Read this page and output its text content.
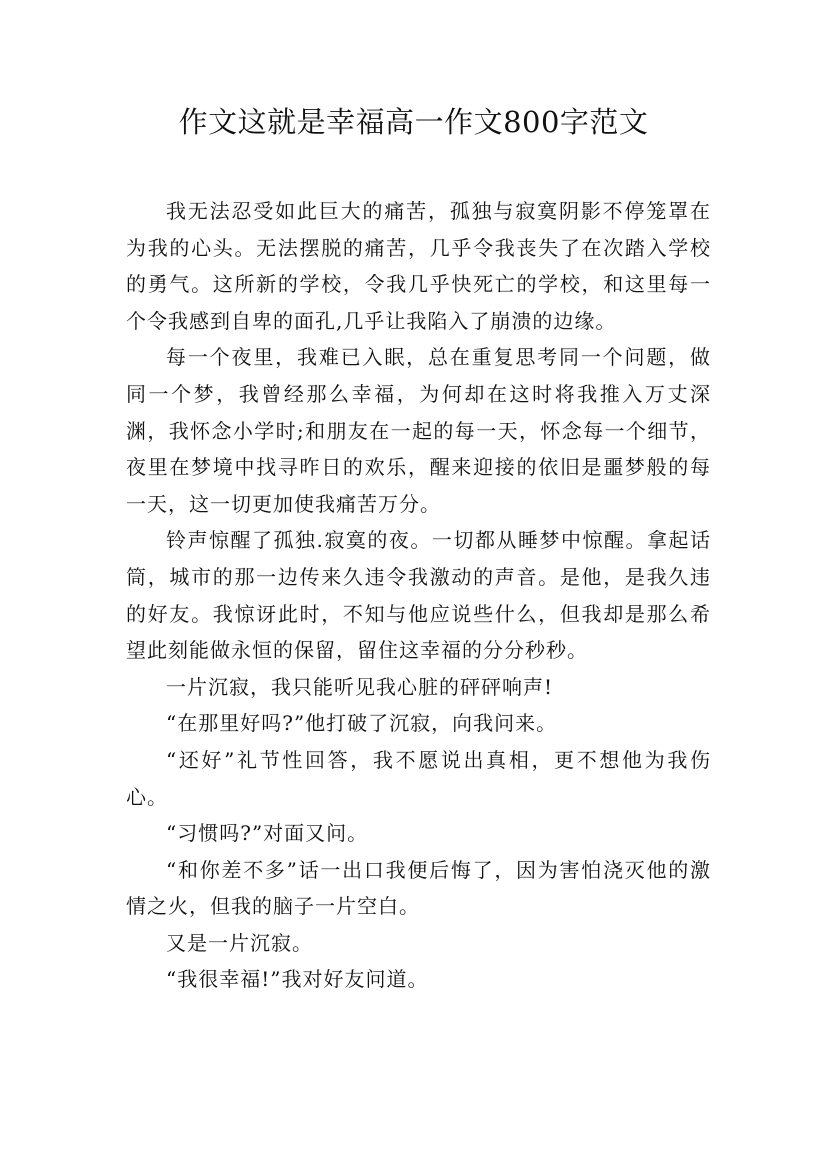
作文这就是幸福高一作文800字范文

我无法忍受如此巨大的痛苦，孤独与寂寞阴影不停笼罩在为我的心头。无法摆脱的痛苦，几乎令我丧失了在次踏入学校的勇气。这所新的学校，令我几乎快死亡的学校，和这里每一个令我感到自卑的面孔,几乎让我陷入了崩溃的边缘。

每一个夜里，我难已入眠，总在重复思考同一个问题，做同一个梦，我曾经那么幸福，为何却在这时将我推入万丈深渊，我怀念小学时;和朋友在一起的每一天，怀念每一个细节，夜里在梦境中找寻昨日的欢乐，醒来迎接的依旧是噩梦般的每一天，这一切更加使我痛苦万分。

铃声惊醒了孤独.寂寞的夜。一切都从睡梦中惊醒。拿起话筒，城市的那一边传来久违令我激动的声音。是他，是我久违的好友。我惊讶此时，不知与他应说些什么，但我却是那么希望此刻能做永恒的保留，留住这幸福的分分秒秒。

一片沉寂，我只能听见我心脏的砰砰响声!

“在那里好吗?”他打破了沉寂，向我问来。

“还好”礼节性回答，我不愿说出真相，更不想他为我伤心。

“习惯吗?”对面又问。

“和你差不多”话一出口我便后悔了，因为害怕浇灭他的激情之火，但我的脑子一片空白。

又是一片沉寂。

“我很幸福!”我对好友问道。
